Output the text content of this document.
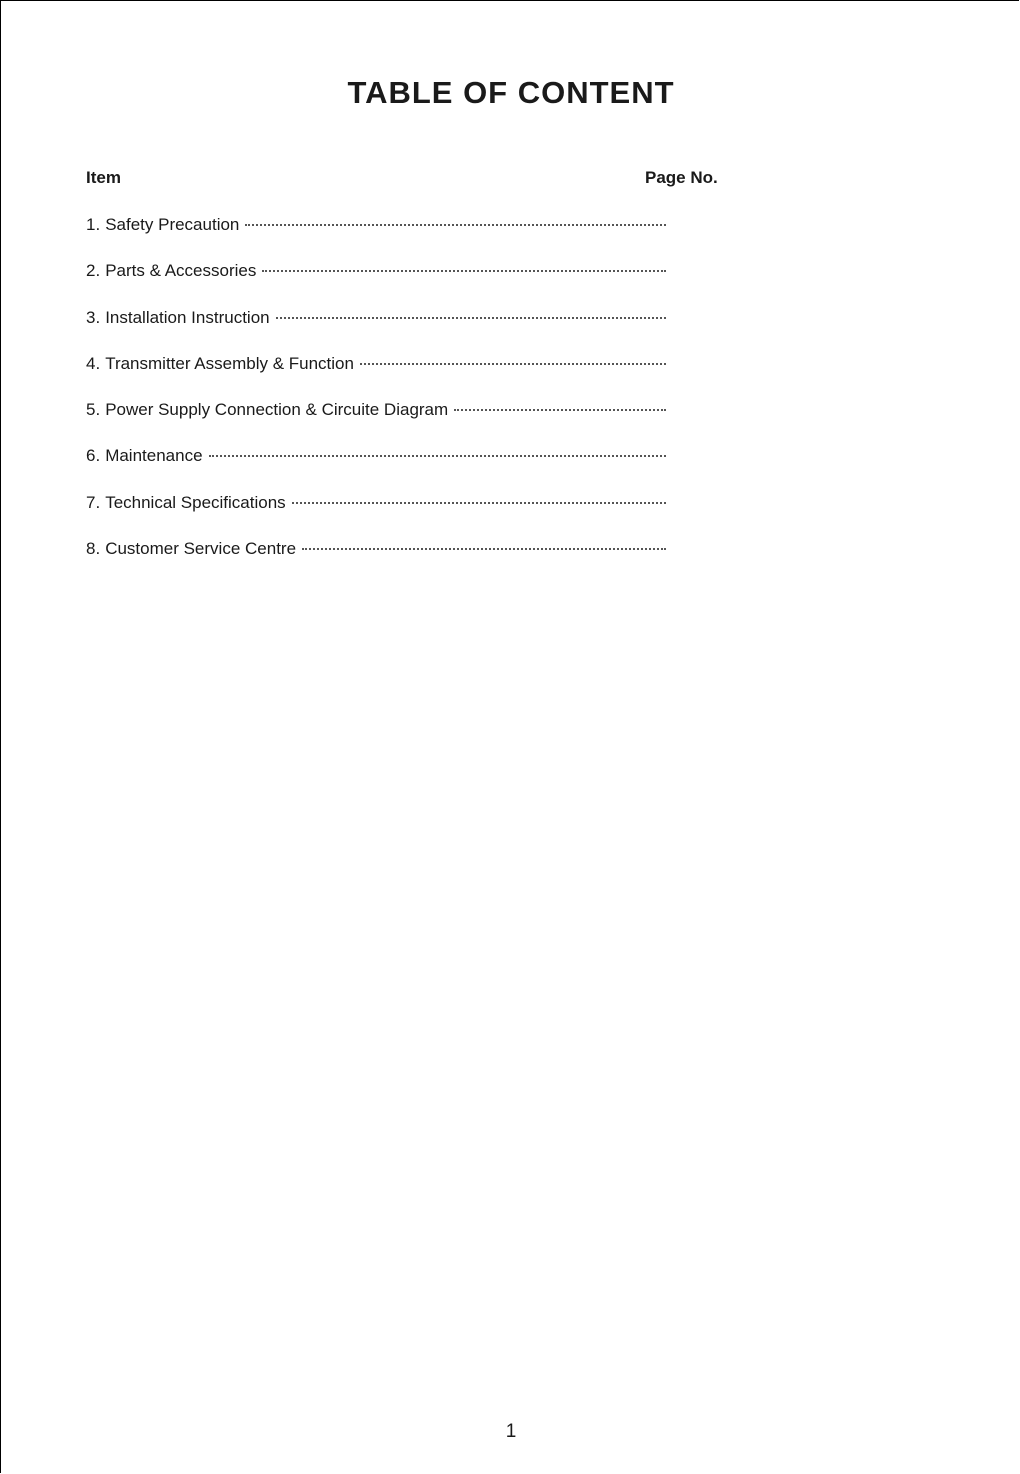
TABLE OF CONTENT
Item	Page No.
1. Safety Precaution
2. Parts & Accessories
3. Installation Instruction
4. Transmitter Assembly & Function
5. Power Supply Connection & Circuite Diagram
6. Maintenance
7. Technical Specifications
8. Customer Service Centre
1
